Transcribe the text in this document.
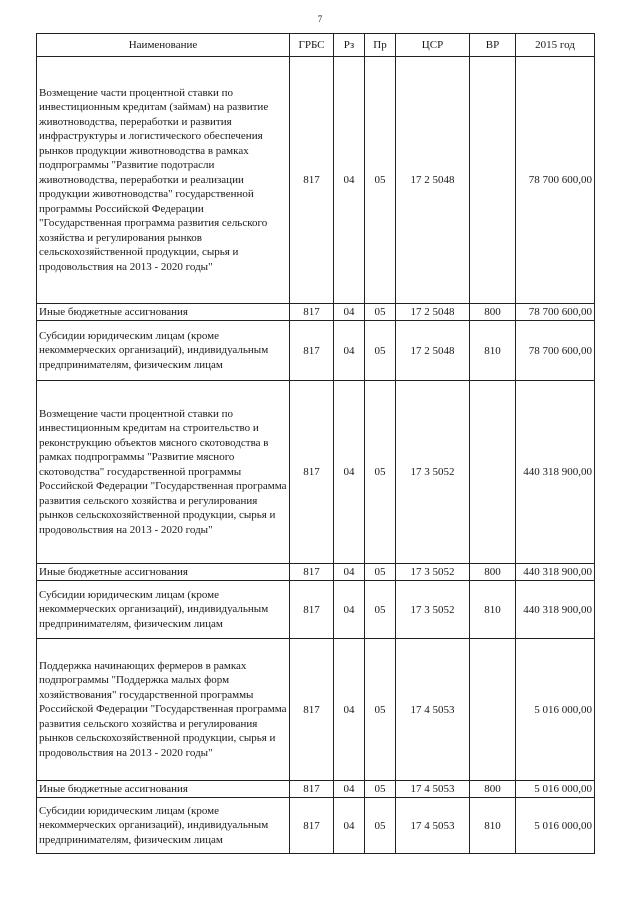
7
Наименование	ГРБС	Рз	Пр	ЦСР	ВР	2015 год
Возмещение части процентной ставки по инвестиционным кредитам (займам) на развитие животноводства, переработки и развития инфраструктуры и логистического обеспечения рынков продукции животноводства в рамках подпрограммы "Развитие подотрасли животноводства, переработки и реализации продукции животноводства" государственной программы Российской Федерации "Государственная программа развития сельского хозяйства и регулирования рынков сельскохозяйственной продукции, сырья и продовольствия на 2013 - 2020 годы"	817	04	05	17 2 5048		78 700 600,00
Иные бюджетные ассигнования	817	04	05	17 2 5048	800	78 700 600,00
Субсидии юридическим лицам (кроме некоммерческих организаций), индивидуальным предпринимателям, физическим лицам	817	04	05	17 2 5048	810	78 700 600,00
Возмещение части процентной ставки по инвестиционным кредитам на строительство и реконструкцию объектов мясного скотоводства в рамках подпрограммы "Развитие мясного скотоводства" государственной программы Российской Федерации "Государственная программа развития сельского хозяйства и регулирования рынков сельскохозяйственной продукции, сырья и продовольствия на 2013 - 2020 годы"	817	04	05	17 3 5052		440 318 900,00
Иные бюджетные ассигнования	817	04	05	17 3 5052	800	440 318 900,00
Субсидии юридическим лицам (кроме некоммерческих организаций), индивидуальным предпринимателям, физическим лицам	817	04	05	17 3 5052	810	440 318 900,00
Поддержка начинающих фермеров в рамках подпрограммы "Поддержка малых форм хозяйствования" государственной программы Российской Федерации "Государственная программа развития сельского хозяйства и регулирования рынков сельскохозяйственной продукции, сырья и продовольствия на 2013 - 2020 годы"	817	04	05	17 4 5053		5 016 000,00
Иные бюджетные ассигнования	817	04	05	17 4 5053	800	5 016 000,00
Субсидии юридическим лицам (кроме некоммерческих организаций), индивидуальным предпринимателям, физическим лицам	817	04	05	17 4 5053	810	5 016 000,00
